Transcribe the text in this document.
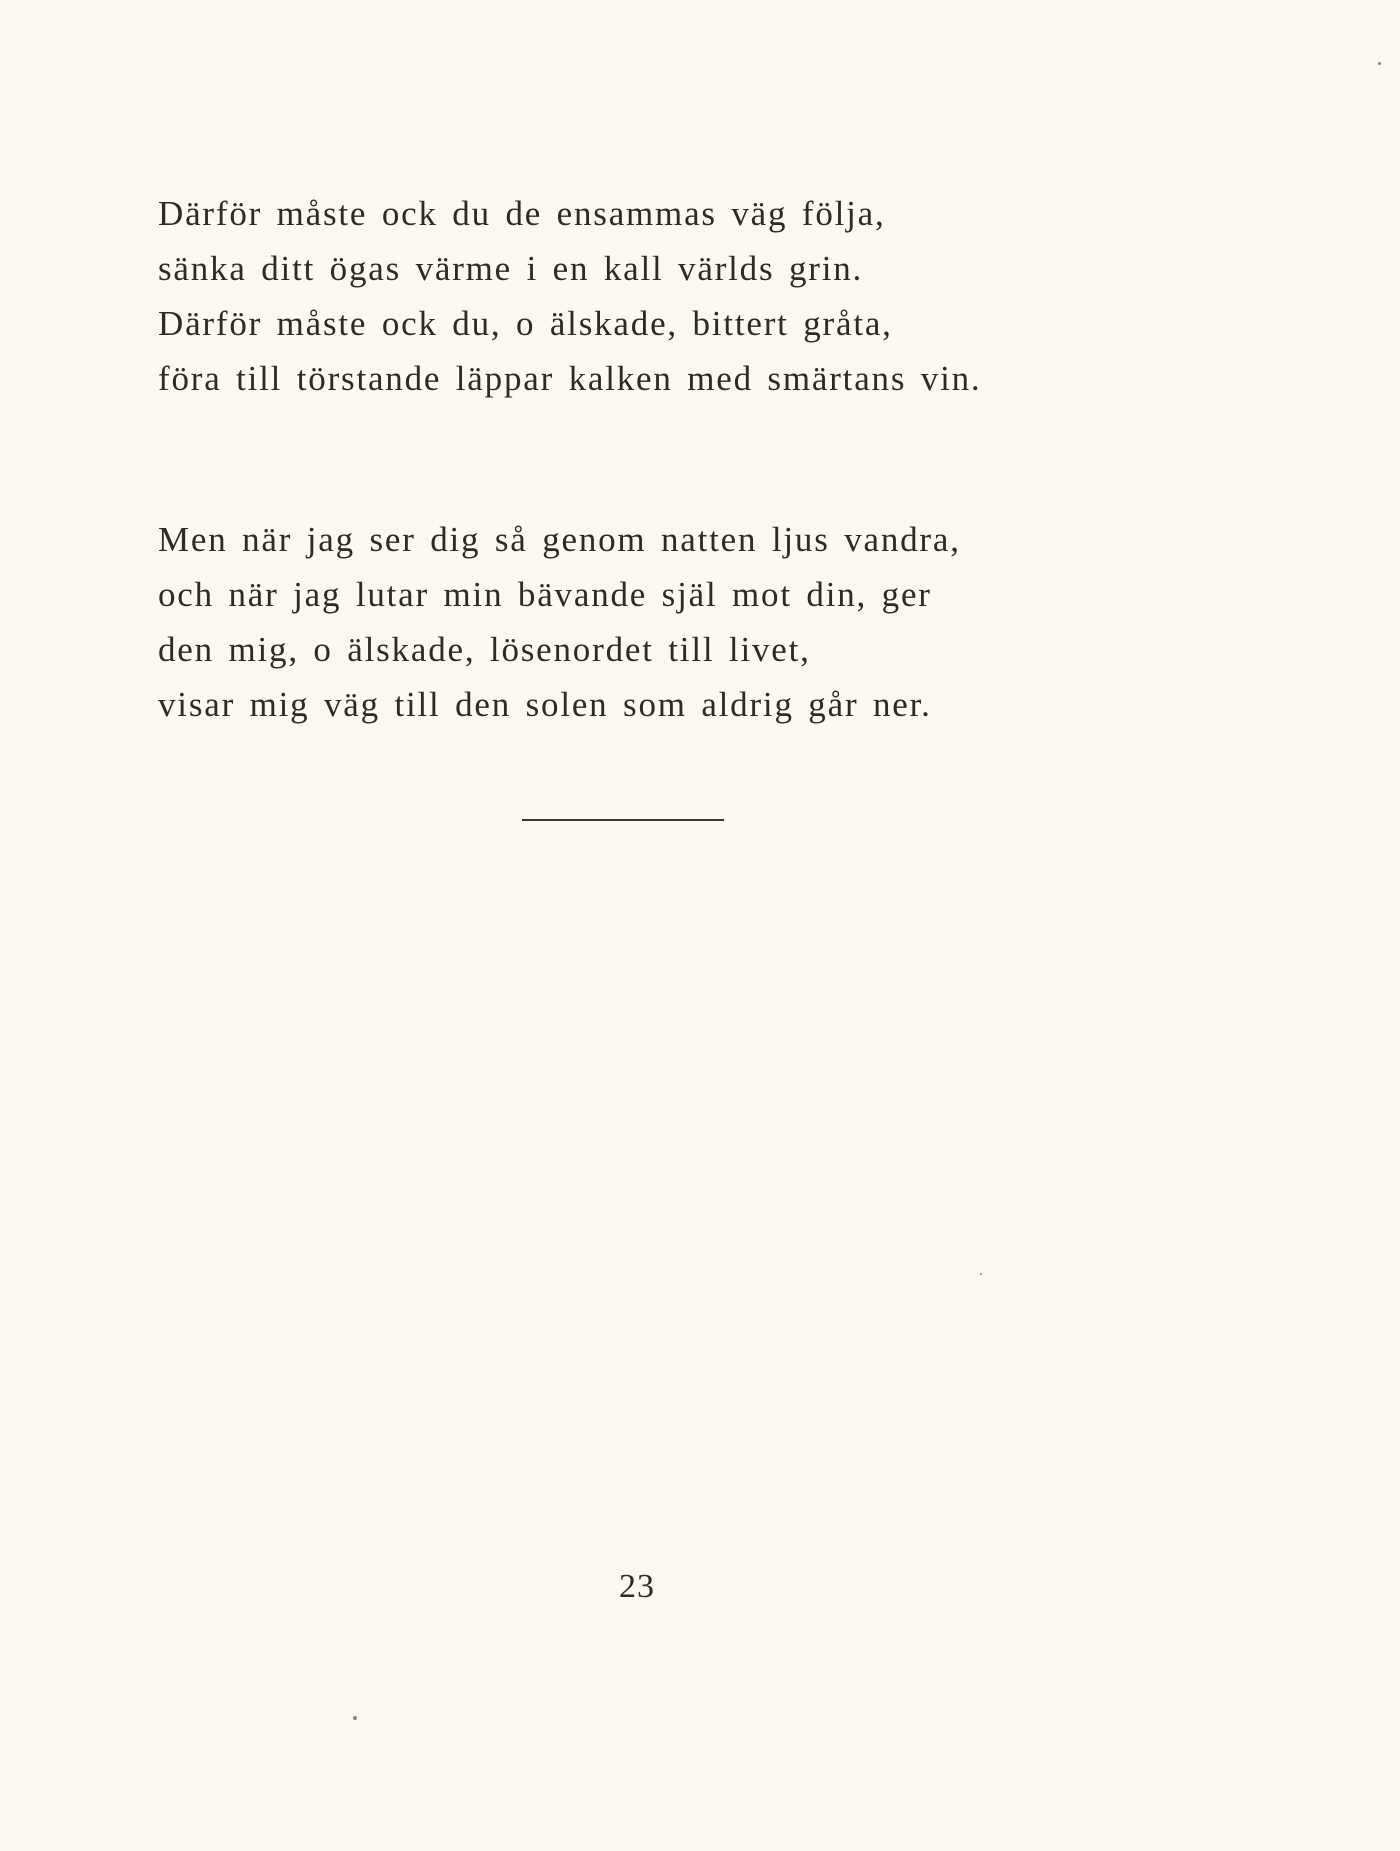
Därför måste ock du de ensammas väg följa,
sänka ditt ögas värme i en kall världs grin.
Därför måste ock du, o älskade, bittert gråta,
föra till törstande läppar kalken med smärtans vin.
Men när jag ser dig så genom natten ljus vandra,
och när jag lutar min bävande själ mot din, ger
den mig, o älskade, lösenordet till livet,
visar mig väg till den solen som aldrig går ner.
23
